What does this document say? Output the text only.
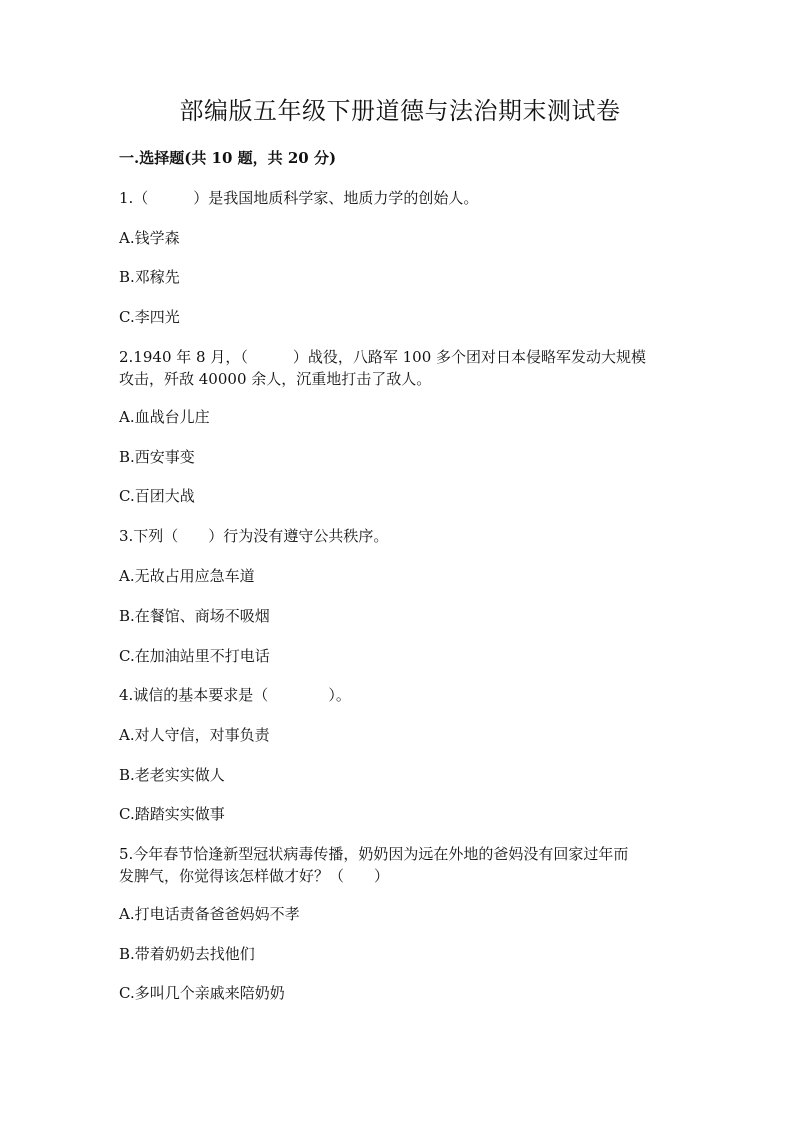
部编版五年级下册道德与法治期末测试卷
一.选择题(共 10 题，共 20 分)
1.（　　　）是我国地质科学家、地质力学的创始人。
A.钱学森
B.邓稼先
C.李四光
2.1940 年 8 月，（　　　）战役，八路军 100 多个团对日本侵略军发动大规模
攻击，歼敌 40000 余人，沉重地打击了敌人。
A.血战台儿庄
B.西安事变
C.百团大战
3.下列（　　）行为没有遵守公共秩序。
A.无故占用应急车道
B.在餐馆、商场不吸烟
C.在加油站里不打电话
4.诚信的基本要求是（　　　　）。
A.对人守信，对事负责
B.老老实实做人
C.踏踏实实做事
5.今年春节恰逢新型冠状病毒传播，奶奶因为远在外地的爸妈没有回家过年而
发脾气，你觉得该怎样做才好？（　　）
A.打电话责备爸爸妈妈不孝
B.带着奶奶去找他们
C.多叫几个亲戚来陪奶奶
